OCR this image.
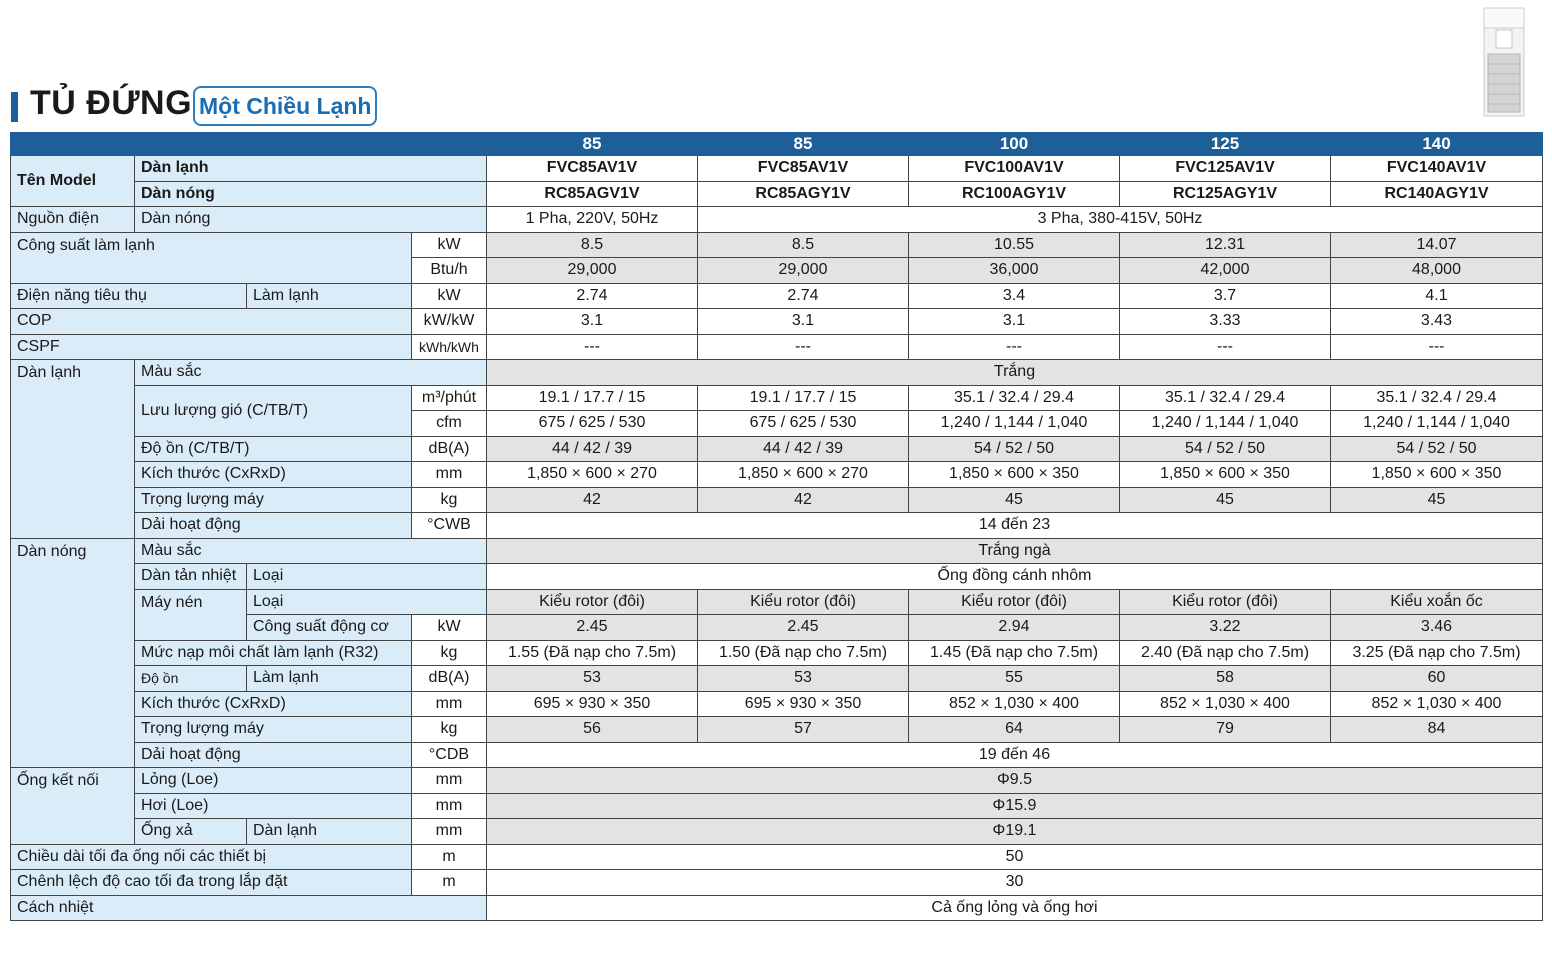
TỦ ĐỨNG Một Chiều Lạnh
				85	85	100	125	140
Tên Model	Dàn lạnh			FVC85AV1V	FVC85AV1V	FVC100AV1V	FVC125AV1V	FVC140AV1V
	Dàn nóng			RC85AGV1V	RC85AGY1V	RC100AGY1V	RC125AGY1V	RC140AGY1V
Nguồn điện	Dàn nóng			1 Pha, 220V, 50Hz	3 Pha, 380-415V, 50Hz			
Công suất làm lạnh			kW	8.5	8.5	10.55	12.31	14.07
			Btu/h	29,000	29,000	36,000	42,000	48,000
Điện năng tiêu thụ		Làm lạnh	kW	2.74	2.74	3.4	3.7	4.1
COP			kW/kW	3.1	3.1	3.1	3.33	3.43
CSPF			kWh/kWh	---	---	---	---	---
Dàn lạnh	Màu sắc			Trắng				
	Lưu lượng gió (C/TB/T)		m³/phút	19.1 / 17.7 / 15	19.1 / 17.7 / 15	35.1 / 32.4 / 29.4	35.1 / 32.4 / 29.4	35.1 / 32.4 / 29.4
			cfm	675 / 625 / 530	675 / 625 / 530	1,240 / 1,144 / 1,040	1,240 / 1,144 / 1,040	1,240 / 1,144 / 1,040
	Độ ồn (C/TB/T)		dB(A)	44 / 42 / 39	44 / 42 / 39	54 / 52 / 50	54 / 52 / 50	54 / 52 / 50
	Kích thước (CxRxD)		mm	1,850 × 600 × 270	1,850 × 600 × 270	1,850 × 600 × 350	1,850 × 600 × 350	1,850 × 600 × 350
	Trọng lượng máy		kg	42	42	45	45	45
	Dải hoạt động		°CWB	14 đến 23				
Dàn nóng	Màu sắc			Trắng ngà				
	Dàn tản nhiệt	Loại		Ống đồng cánh nhôm				
	Máy nén	Loại		Kiểu rotor (đôi)	Kiểu rotor (đôi)	Kiểu rotor (đôi)	Kiểu rotor (đôi)	Kiểu xoắn ốc
		Công suất động cơ	kW	2.45	2.45	2.94	3.22	3.46
	Mức nạp môi chất làm lạnh (R32)		kg	1.55 (Đã nạp cho 7.5m)	1.50 (Đã nạp cho 7.5m)	1.45 (Đã nạp cho 7.5m)	2.40 (Đã nạp cho 7.5m)	3.25 (Đã nạp cho 7.5m)
	Độ ồn	Làm lạnh	dB(A)	53	53	55	58	60
	Kích thước (CxRxD)		mm	695 × 930 × 350	695 × 930 × 350	852 × 1,030 × 400	852 × 1,030 × 400	852 × 1,030 × 400
	Trọng lượng máy		kg	56	57	64	79	84
	Dải hoạt động		°CDB	19 đến 46				
Ống kết nối	Lỏng (Loe)		mm	Φ9.5				
	Hơi (Loe)		mm	Φ15.9				
	Ống xả	Dàn lạnh	mm	Φ19.1				
Chiều dài tối đa ống nối các thiết bị			m	50				
Chênh lệch độ cao tối đa trong lắp đặt			m	30				
Cách nhiệt				Cả ống lỏng và ống hơi				
